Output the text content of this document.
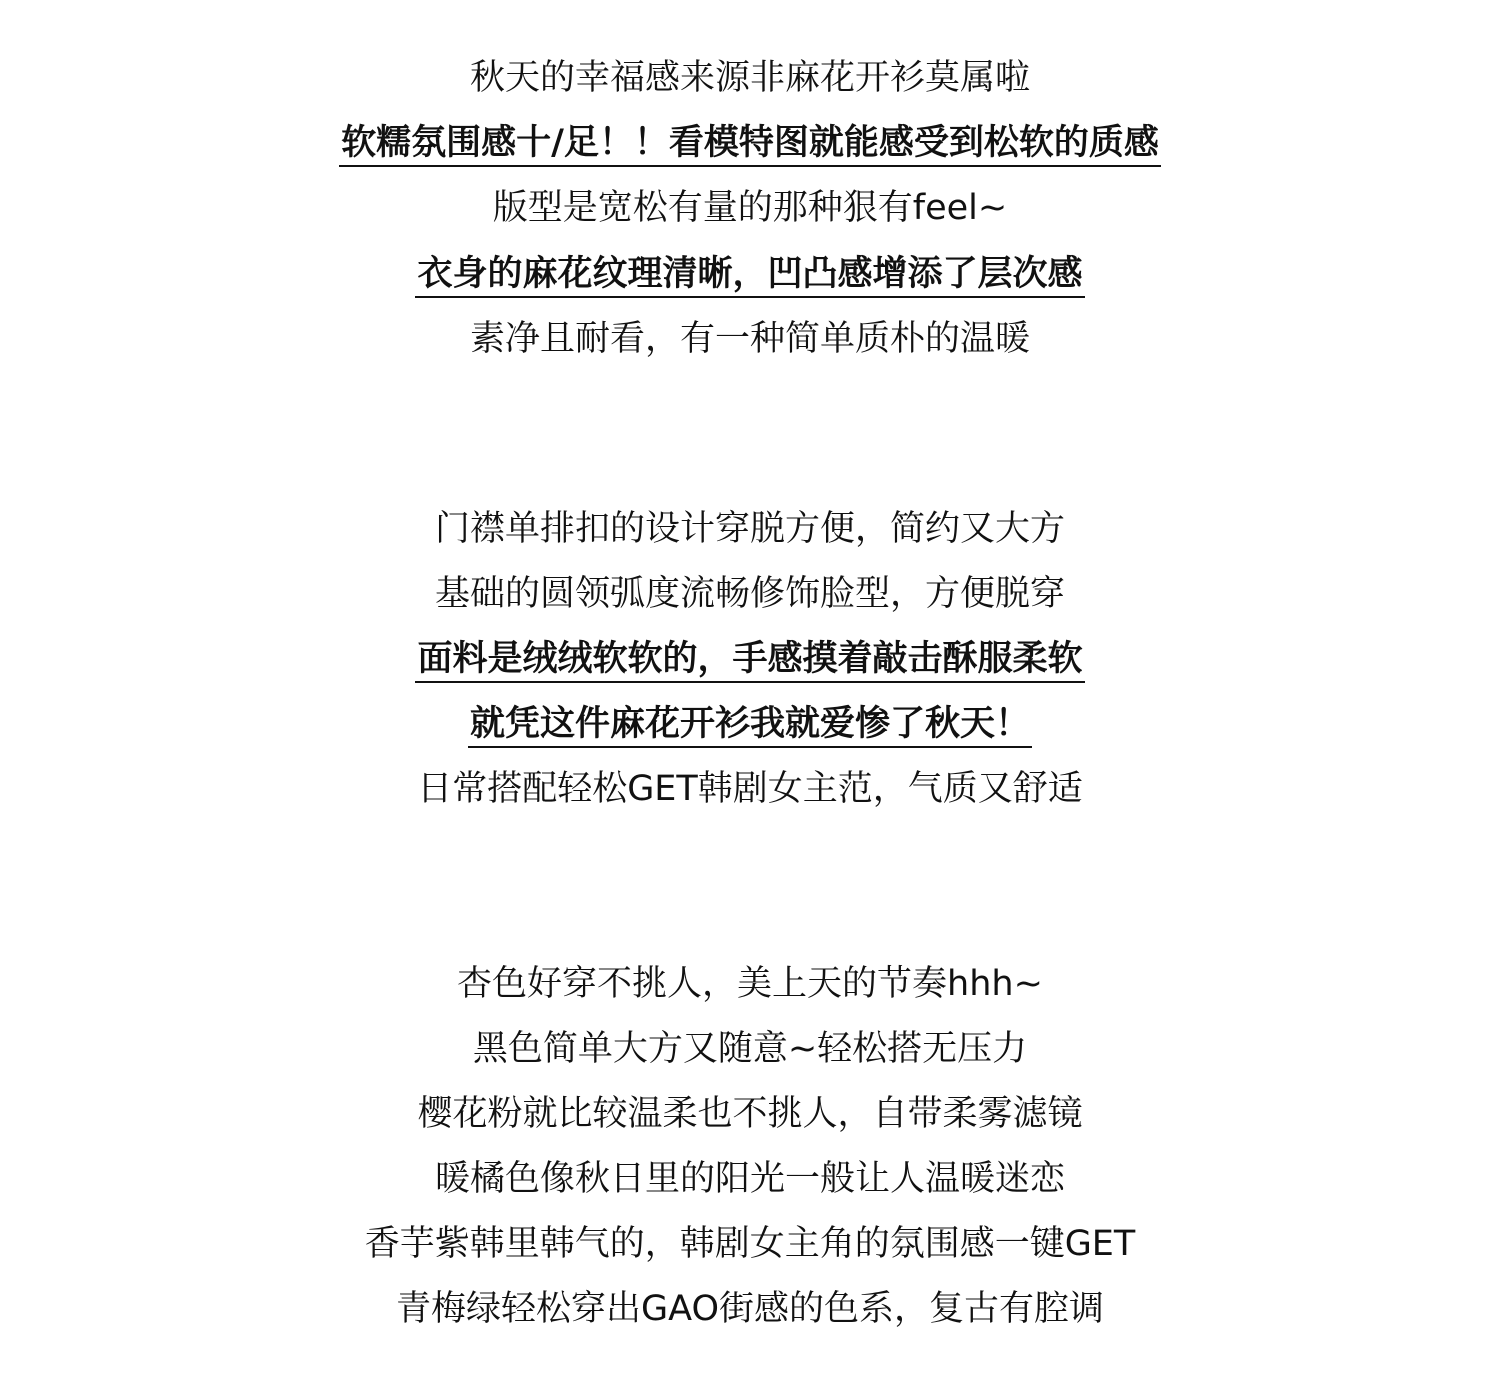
秋天的幸福感来源非麻花开衫莫属啦
软糯氛围感十/足！！看模特图就能感受到松软的质感
版型是宽松有量的那种狠有feel~
衣身的麻花纹理清晰，凹凸感增添了层次感
素净且耐看，有一种简单质朴的温暖
门襟单排扣的设计穿脱方便，简约又大方
基础的圆领弧度流畅修饰脸型，方便脱穿
面料是绒绒软软的，手感摸着敲击酥服柔软
就凭这件麻花开衫我就爱惨了秋天！
日常搭配轻松GET韩剧女主范，气质又舒适
杏色好穿不挑人，美上天的节奏hhh~
黑色简单大方又随意~轻松搭无压力
樱花粉就比较温柔也不挑人，自带柔雾滤镜
暖橘色像秋日里的阳光一般让人温暖迷恋
香芋紫韩里韩气的，韩剧女主角的氛围感一键GET
青梅绿轻松穿出GAO街感的色系，复古有腔调
